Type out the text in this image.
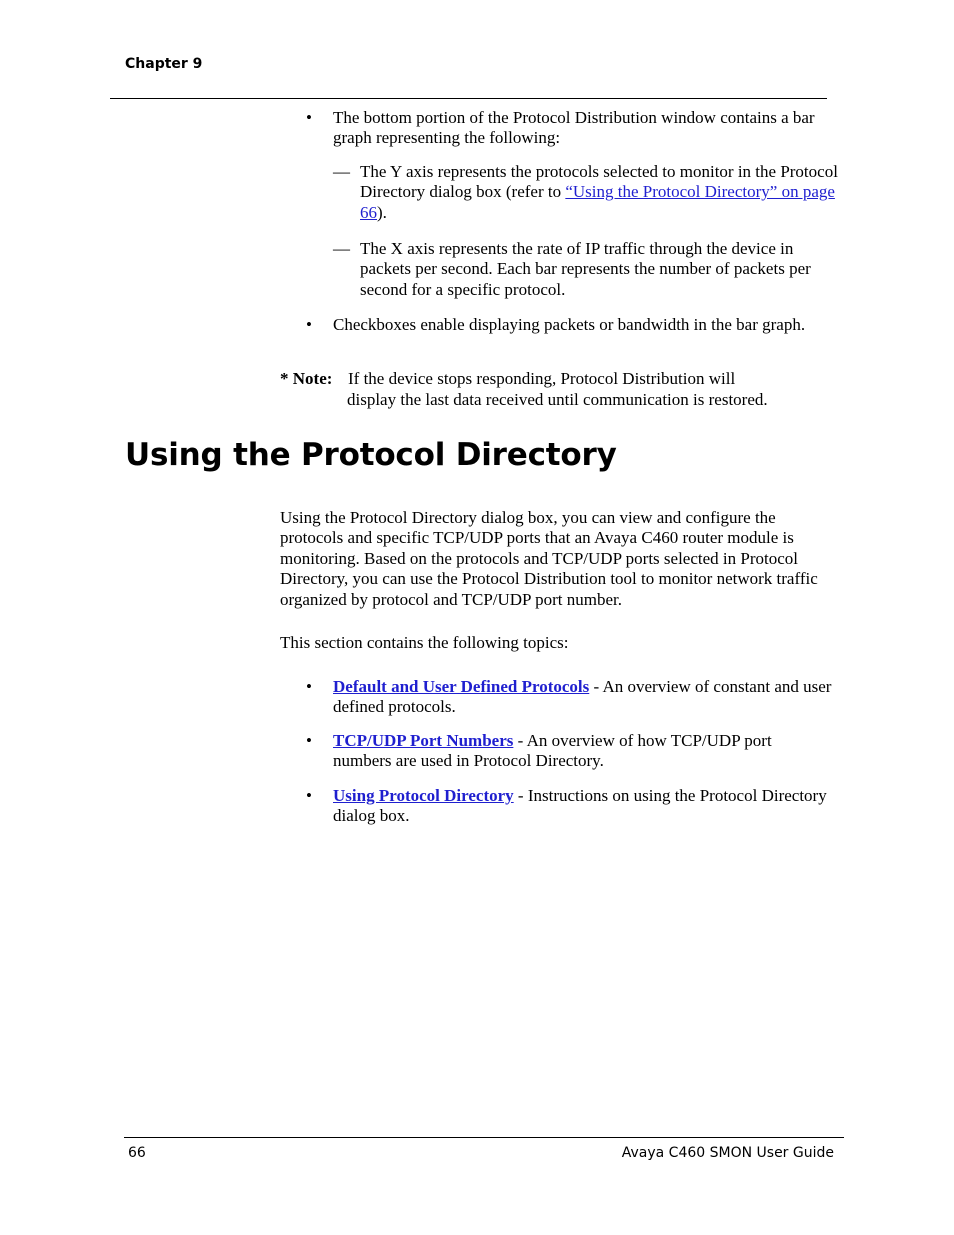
Chapter 9
• The bottom portion of the Protocol Distribution window contains a bar graph representing the following:
— The Y axis represents the protocols selected to monitor in the Protocol Directory dialog box (refer to “Using the Protocol Directory” on page 66).
— The X axis represents the rate of IP traffic through the device in packets per second. Each bar represents the number of packets per second for a specific protocol.
• Checkboxes enable displaying packets or bandwidth in the bar graph.
* Note: If the device stops responding, Protocol Distribution will
display the last data received until communication is restored.
Using the Protocol Directory
Using the Protocol Directory dialog box, you can view and configure the protocols and specific TCP/UDP ports that an Avaya C460 router module is monitoring. Based on the protocols and TCP/UDP ports selected in Protocol Directory, you can use the Protocol Distribution tool to monitor network traffic organized by protocol and TCP/UDP port number.
This section contains the following topics:
• Default and User Defined Protocols - An overview of constant and user defined protocols.
• TCP/UDP Port Numbers - An overview of how TCP/UDP port numbers are used in Protocol Directory.
• Using Protocol Directory - Instructions on using the Protocol Directory dialog box.
66	Avaya C460 SMON User Guide
